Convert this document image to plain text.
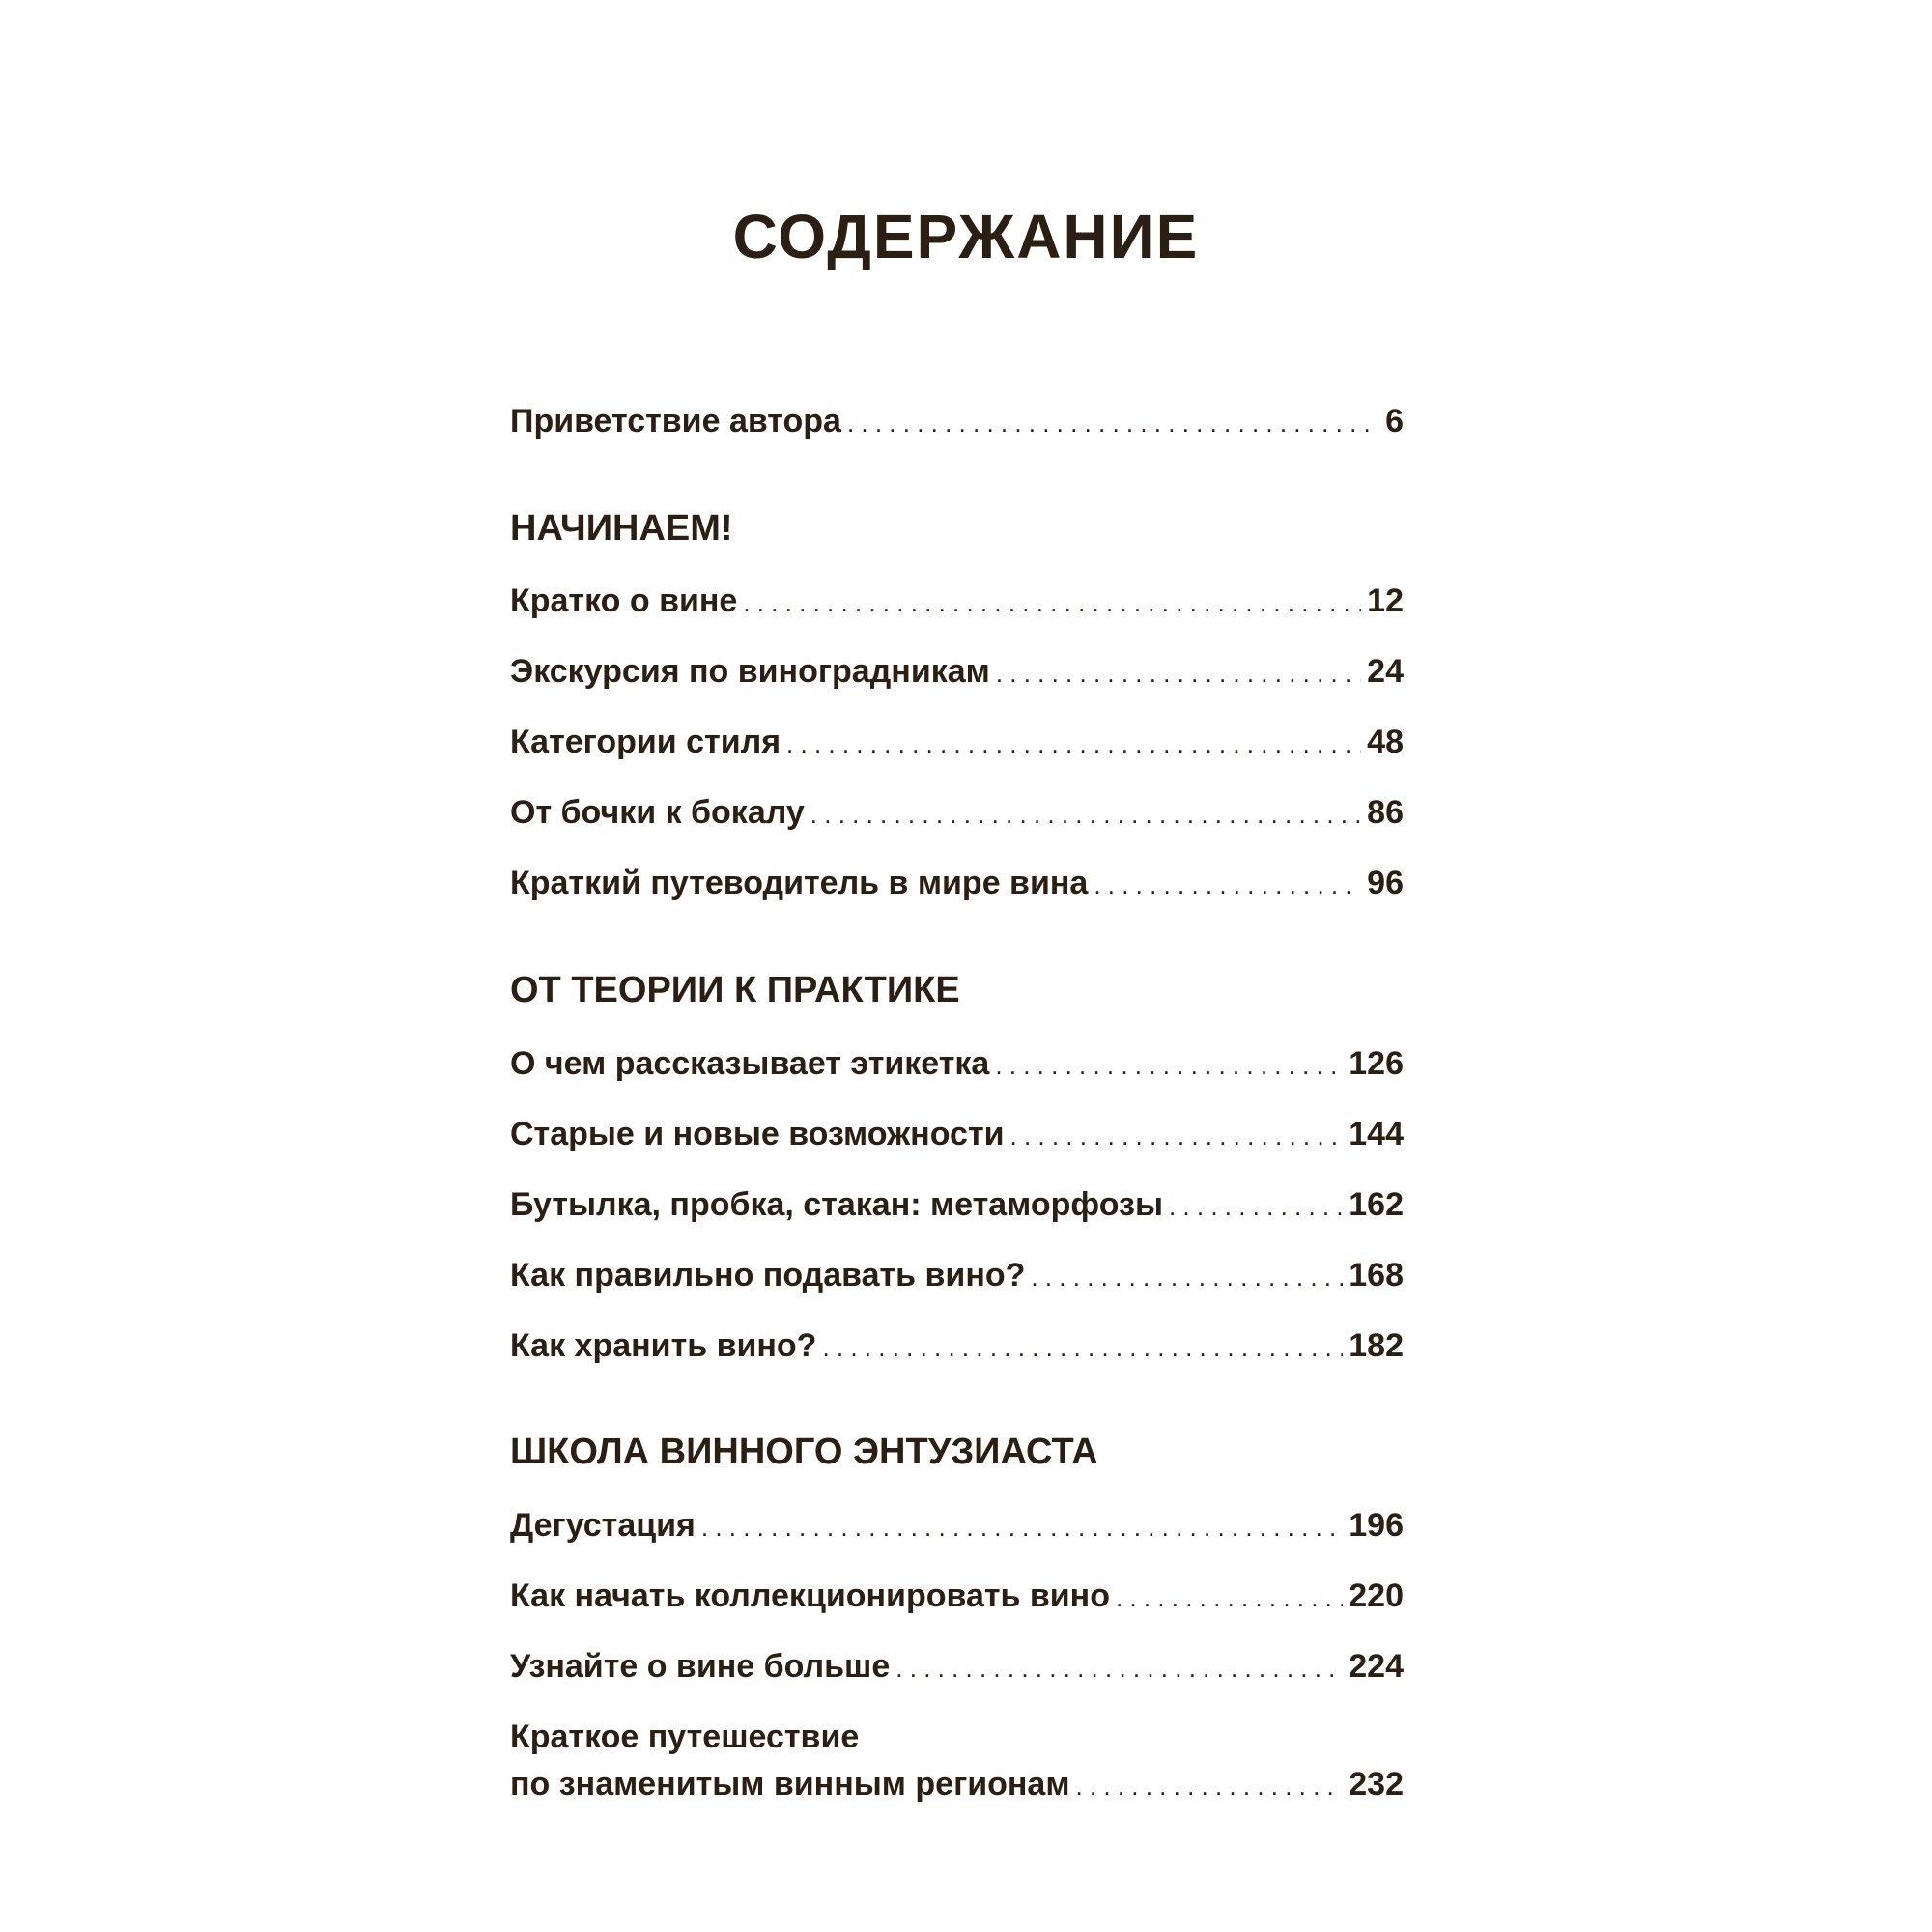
СОДЕРЖАНИЕ
Приветствие автора . . .	6
НАЧИНАЕМ!
Кратко о вине . . .	12
Экскурсия по виноградникам . . .	24
Категории стиля . . .	48
От бочки к бокалу . . .	86
Краткий путеводитель в мире вина . . .	96
ОТ ТЕОРИИ К ПРАКТИКЕ
О чем рассказывает этикетка . . .	126
Старые и новые возможности . . .	144
Бутылка, пробка, стакан: метаморфозы . . .	162
Как правильно подавать вино? . . .	168
Как хранить вино? . . .	182
ШКОЛА ВИННОГО ЭНТУЗИАСТА
Дегустация . . .	196
Как начать коллекционировать вино . . .	220
Узнайте о вине больше . . .	224
Краткое путешествие
по знаменитым винным регионам . . .	232
